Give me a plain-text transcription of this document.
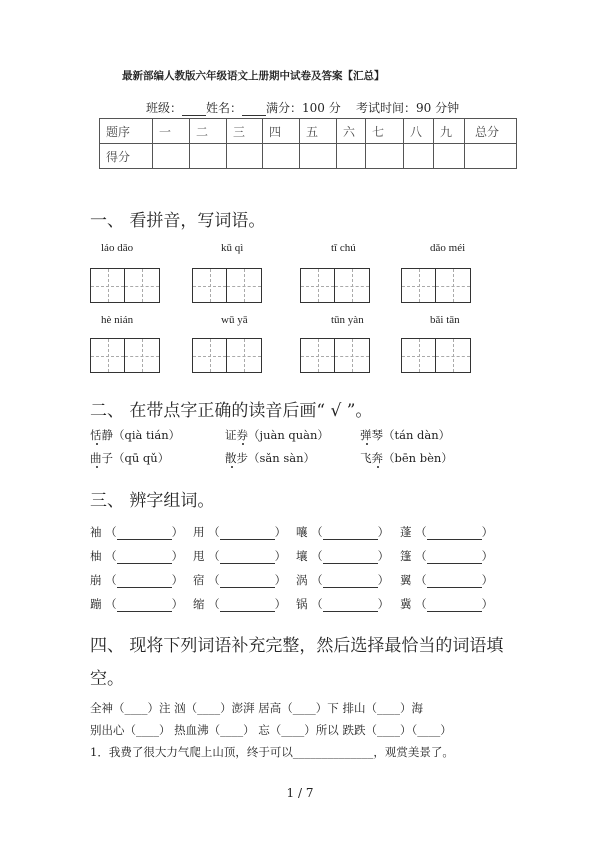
最新部编人教版六年级语文上册期中试卷及答案【汇总】
班级： 姓名： 满分：100 分 考试时间：90 分钟
题序	一	二	三	四	五	六	七	八	九	总分
得分										
一、 看拼音，写词语。
láo dāo	kū qì	tī chú	dǎo méi
hè nián	wū yā	tūn yàn	bǎi tān
二、 在带点字正确的读音后画“ √ ”。
恬静（qià tián）	证券（juàn quàn）	弹琴（tán dàn）
曲子（qū qǔ）	散步（sǎn sàn）	飞奔（bēn bèn）
三、 辨字组词。
袖 （	） 用 （	） 嚷 （	） 蓬 （	）
柚 （	） 甩 （	） 壤 （	） 篷 （	）
崩 （	） 宿 （	） 涡 （	） 翼 （	）
蹦 （	） 缩 （	） 锅 （	） 冀 （	）
四、 现将下列词语补充完整，然后选择最恰当的词语填
空。
全神（____）注 汹（____）澎湃 居高（____）下 排山（____）海
别出心（____） 热血沸（____） 忘（____）所以 跌跌（____）（____）
1．我费了很大力气爬上山顶，终于可以______________，观赏美景了。
1 / 7
